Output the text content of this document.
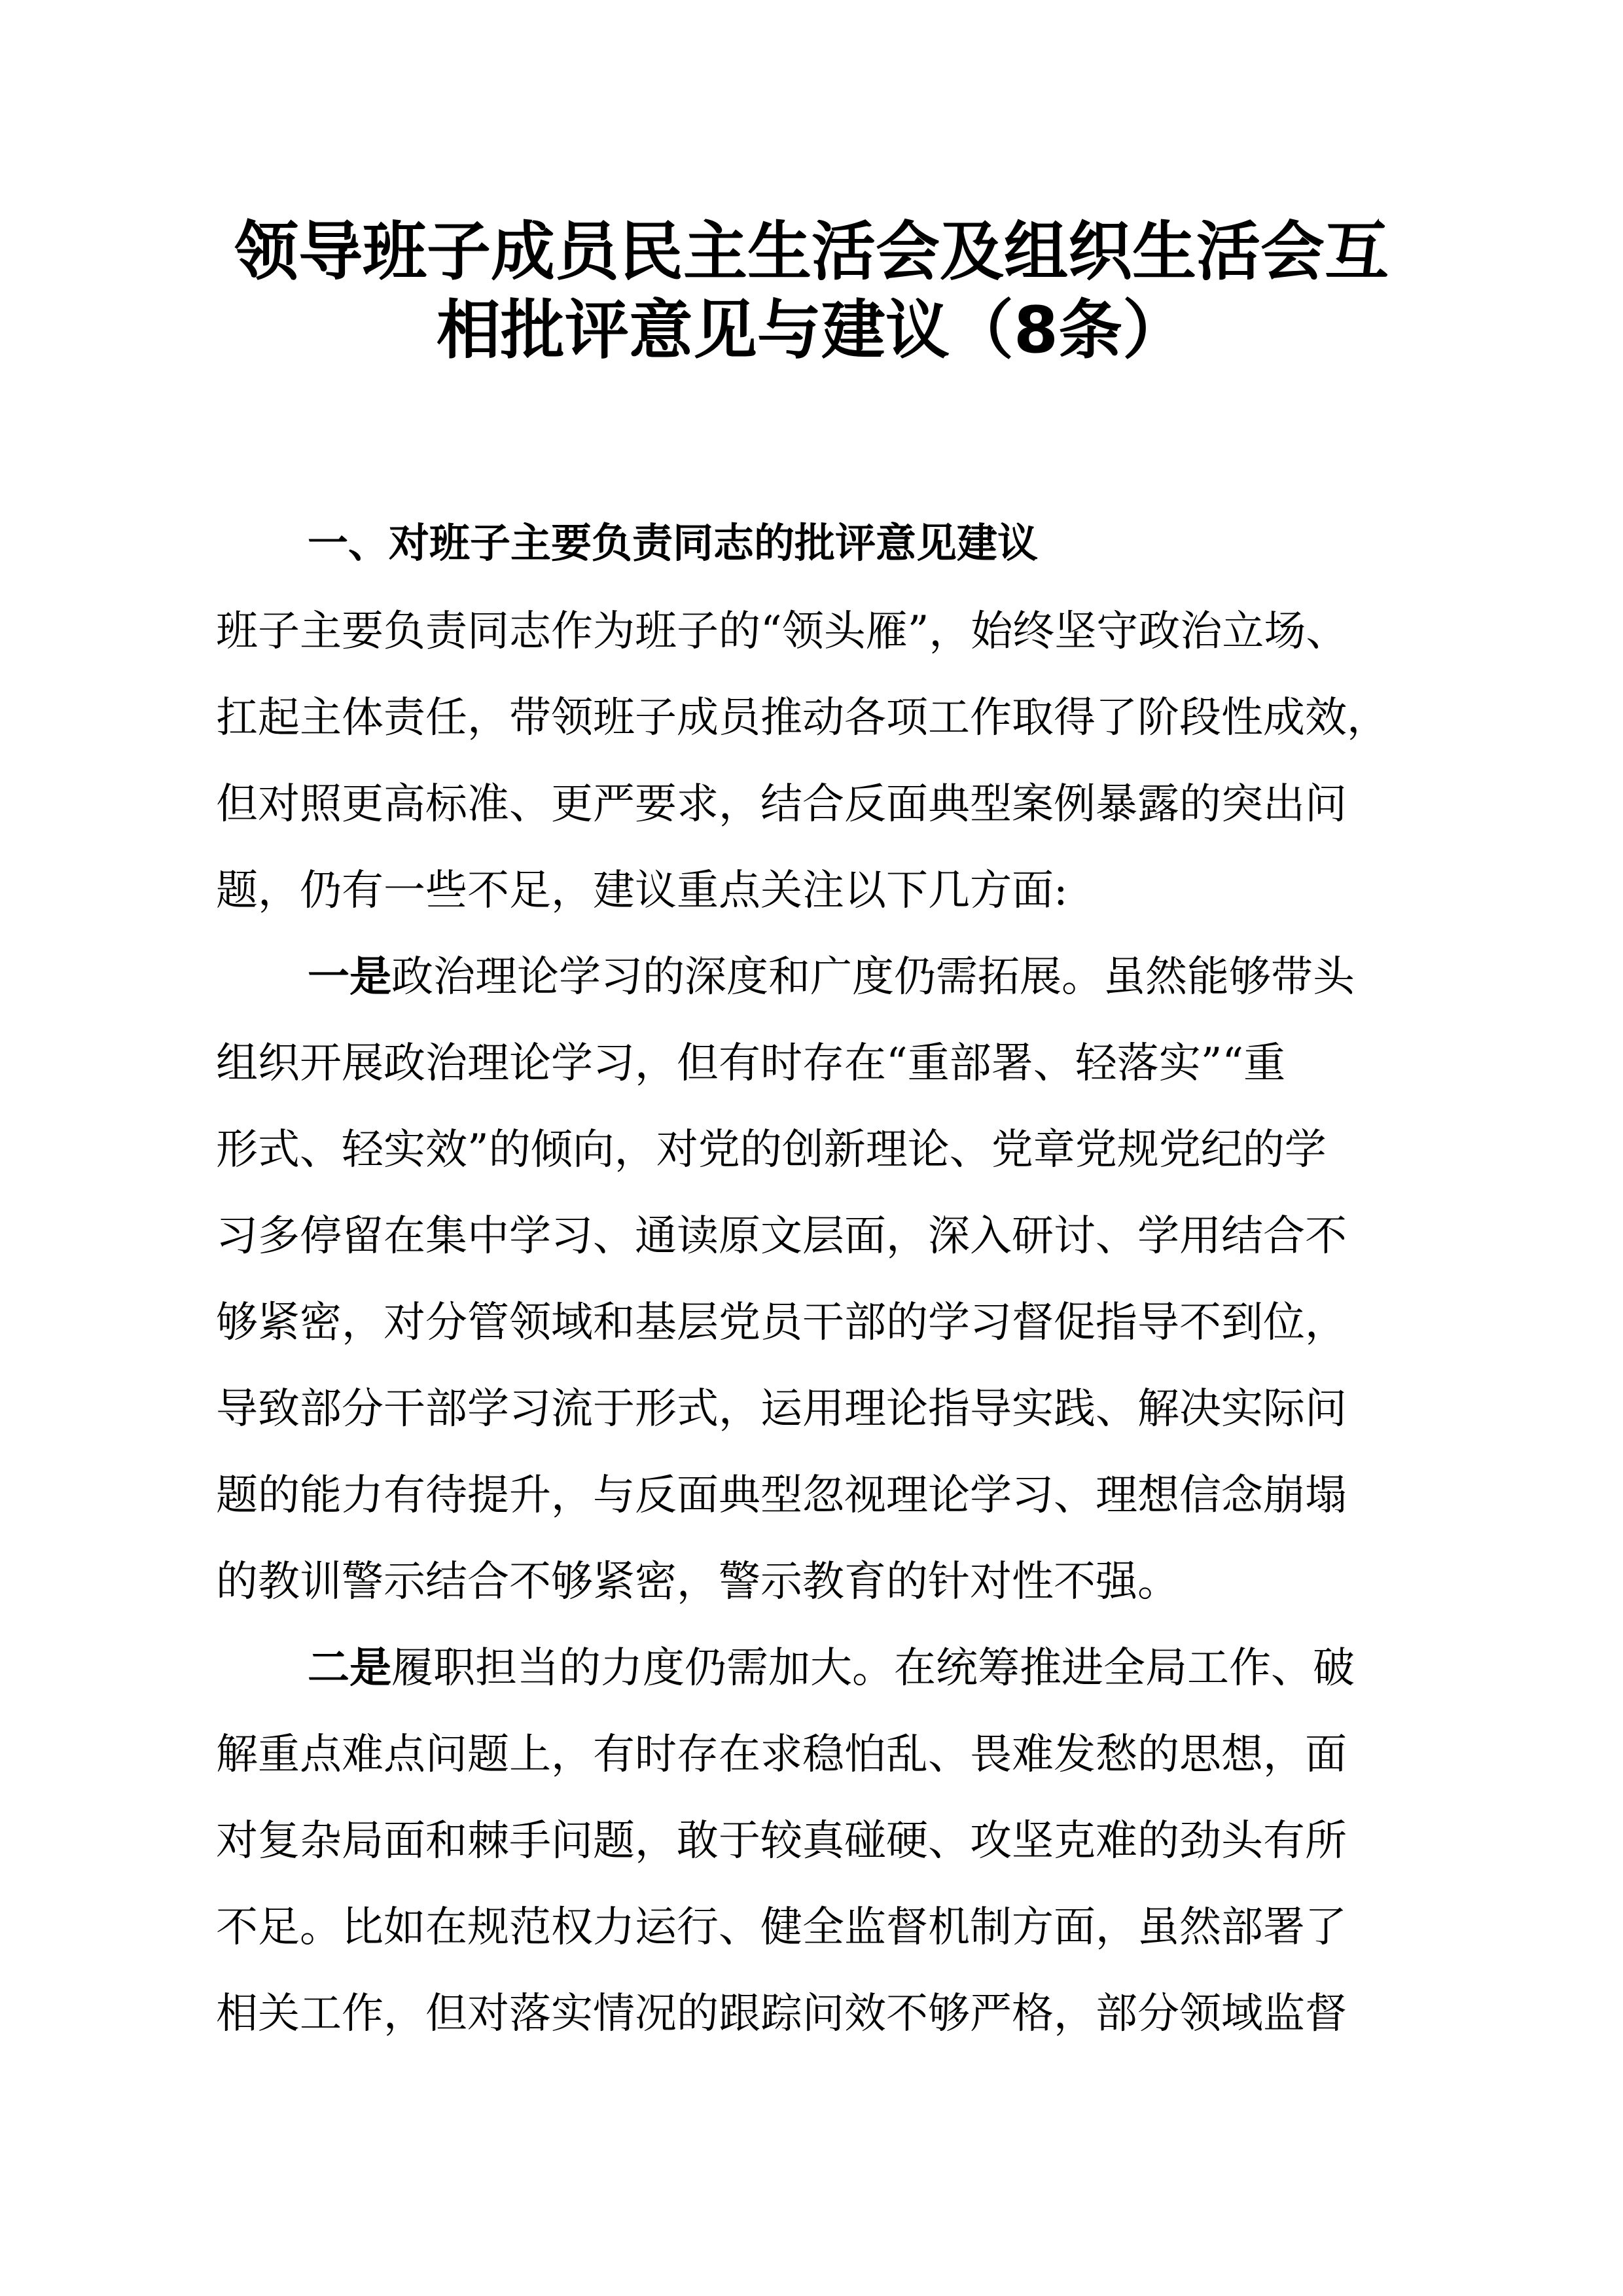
领导班子成员民主生活会及组织生活会互
相批评意见与建议（8条）
一、对班子主要负责同志的批评意见建议
班子主要负责同志作为班子的“领头雁”，始终坚守政治立场、
扛起主体责任，带领班子成员推动各项工作取得了阶段性成效，
但对照更高标准、更严要求，结合反面典型案例暴露的突出问
题，仍有一些不足，建议重点关注以下几方面:
一是政治理论学习的深度和广度仍需拓展。虽然能够带头
组织开展政治理论学习，但有时存在“重部署、轻落实”“重
形式、轻实效”的倾向，对党的创新理论、党章党规党纪的学
习多停留在集中学习、通读原文层面，深入研讨、学用结合不
够紧密，对分管领域和基层党员干部的学习督促指导不到位，
导致部分干部学习流于形式，运用理论指导实践、解决实际问
题的能力有待提升，与反面典型忽视理论学习、理想信念崩塌
的教训警示结合不够紧密，警示教育的针对性不强。
二是履职担当的力度仍需加大。在统筹推进全局工作、破
解重点难点问题上，有时存在求稳怕乱、畏难发愁的思想，面
对复杂局面和棘手问题，敢于较真碰硬、攻坚克难的劲头有所
不足。比如在规范权力运行、健全监督机制方面，虽然部署了
相关工作，但对落实情况的跟踪问效不够严格，部分领域监督
